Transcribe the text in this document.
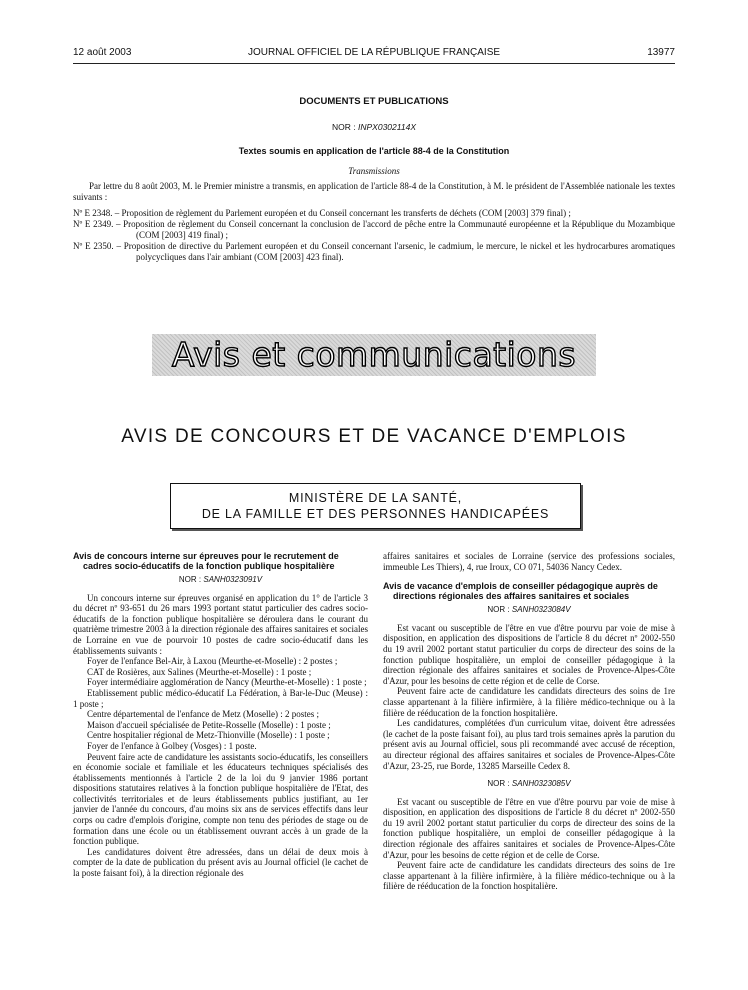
12 août 2003	JOURNAL OFFICIEL DE LA RÉPUBLIQUE FRANÇAISE	13977
DOCUMENTS ET PUBLICATIONS
NOR : INPX0302114X
Textes soumis en application de l'article 88-4 de la Constitution
Transmissions
Par lettre du 8 août 2003, M. le Premier ministre a transmis, en application de l'article 88-4 de la Constitution, à M. le président de l'Assemblée nationale les textes suivants :
Nº E 2348. – Proposition de règlement du Parlement européen et du Conseil concernant les transferts de déchets (COM [2003] 379 final) ;
Nº E 2349. – Proposition de règlement du Conseil concernant la conclusion de l'accord de pêche entre la Communauté européenne et la République du Mozambique (COM [2003] 419 final) ;
Nº E 2350. – Proposition de directive du Parlement européen et du Conseil concernant l'arsenic, le cadmium, le mercure, le nickel et les hydrocarbures aromatiques polycycliques dans l'air ambiant (COM [2003] 423 final).
Avis et communications
AVIS DE CONCOURS ET DE VACANCE D'EMPLOIS
MINISTÈRE DE LA SANTÉ,
DE LA FAMILLE ET DES PERSONNES HANDICAPÉES

Avis de concours interne sur épreuves pour le recrutement de cadres socio-éducatifs de la fonction publique hospitalière

NOR : SANH0323091V

Un concours interne sur épreuves organisé en application du 1° de l'article 3 du décret nº 93-651 du 26 mars 1993 portant statut particulier des cadres socio-éducatifs de la fonction publique hospitalière se déroulera dans le courant du quatrième trimestre 2003 à la direction régionale des affaires sanitaires et sociales de Lorraine en vue de pourvoir 10 postes de cadre socio-éducatif dans les établissements suivants :

Foyer de l'enfance Bel-Air, à Laxou (Meurthe-et-Moselle) : 2 postes ;

CAT de Rosières, aux Salines (Meurthe-et-Moselle) : 1 poste ;

Foyer intermédiaire agglomération de Nancy (Meurthe-et-Moselle) : 1 poste ;

Etablissement public médico-éducatif La Fédération, à Bar-le-Duc (Meuse) : 1 poste ;

Centre départemental de l'enfance de Metz (Moselle) : 2 postes ;

Maison d'accueil spécialisée de Petite-Rosselle (Moselle) : 1 poste ;

Centre hospitalier régional de Metz-Thionville (Moselle) : 1 poste ;

Foyer de l'enfance à Golbey (Vosges) : 1 poste.

Peuvent faire acte de candidature les assistants socio-éducatifs, les conseillers en économie sociale et familiale et les éducateurs techniques spécialisés des établissements mentionnés à l'article 2 de la loi du 9 janvier 1986 portant dispositions statutaires relatives à la fonction publique hospitalière de l'Etat, des collectivités territoriales et de leurs établissements publics justifiant, au 1er janvier de l'année du concours, d'au moins six ans de services effectifs dans leur corps ou cadre d'emplois d'origine, compte non tenu des périodes de stage ou de formation dans une école ou un établissement ouvrant accès à un grade de la fonction publique.

Les candidatures doivent être adressées, dans un délai de deux mois à compter de la date de publication du présent avis au Journal officiel (le cachet de la poste faisant foi), à la direction régionale des

affaires sanitaires et sociales de Lorraine (service des professions sociales, immeuble Les Thiers), 4, rue Iroux, CO 071, 54036 Nancy Cedex.

Avis de vacance d'emplois de conseiller pédagogique auprès de directions régionales des affaires sanitaires et sociales

NOR : SANH0323084V

Est vacant ou susceptible de l'être en vue d'être pourvu par voie de mise à disposition, en application des dispositions de l'article 8 du décret nº 2002-550 du 19 avril 2002 portant statut particulier du corps de directeur des soins de la fonction publique hospitalière, un emploi de conseiller pédagogique à la direction régionale des affaires sanitaires et sociales de Provence-Alpes-Côte d'Azur, pour les besoins de cette région et de celle de Corse.

Peuvent faire acte de candidature les candidats directeurs des soins de 1re classe appartenant à la filière infirmière, à la filière médico-technique ou à la filière de rééducation de la fonction hospitalière.

Les candidatures, complétées d'un curriculum vitae, doivent être adressées (le cachet de la poste faisant foi), au plus tard trois semaines après la parution du présent avis au Journal officiel, sous pli recommandé avec accusé de réception, au directeur régional des affaires sanitaires et sociales de Provence-Alpes-Côte d'Azur, 23-25, rue Borde, 13285 Marseille Cedex 8.

NOR : SANH0323085V

Est vacant ou susceptible de l'être en vue d'être pourvu par voie de mise à disposition, en application des dispositions de l'article 8 du décret nº 2002-550 du 19 avril 2002 portant statut particulier du corps de directeur des soins de la fonction publique hospitalière, un emploi de conseiller pédagogique à la direction régionale des affaires sanitaires et sociales de Provence-Alpes-Côte d'Azur, pour les besoins de cette région et de celle de Corse.

Peuvent faire acte de candidature les candidats directeurs des soins de 1re classe appartenant à la filière infirmière, à la filière médico-technique ou à la filière de rééducation de la fonction hospitalière.
